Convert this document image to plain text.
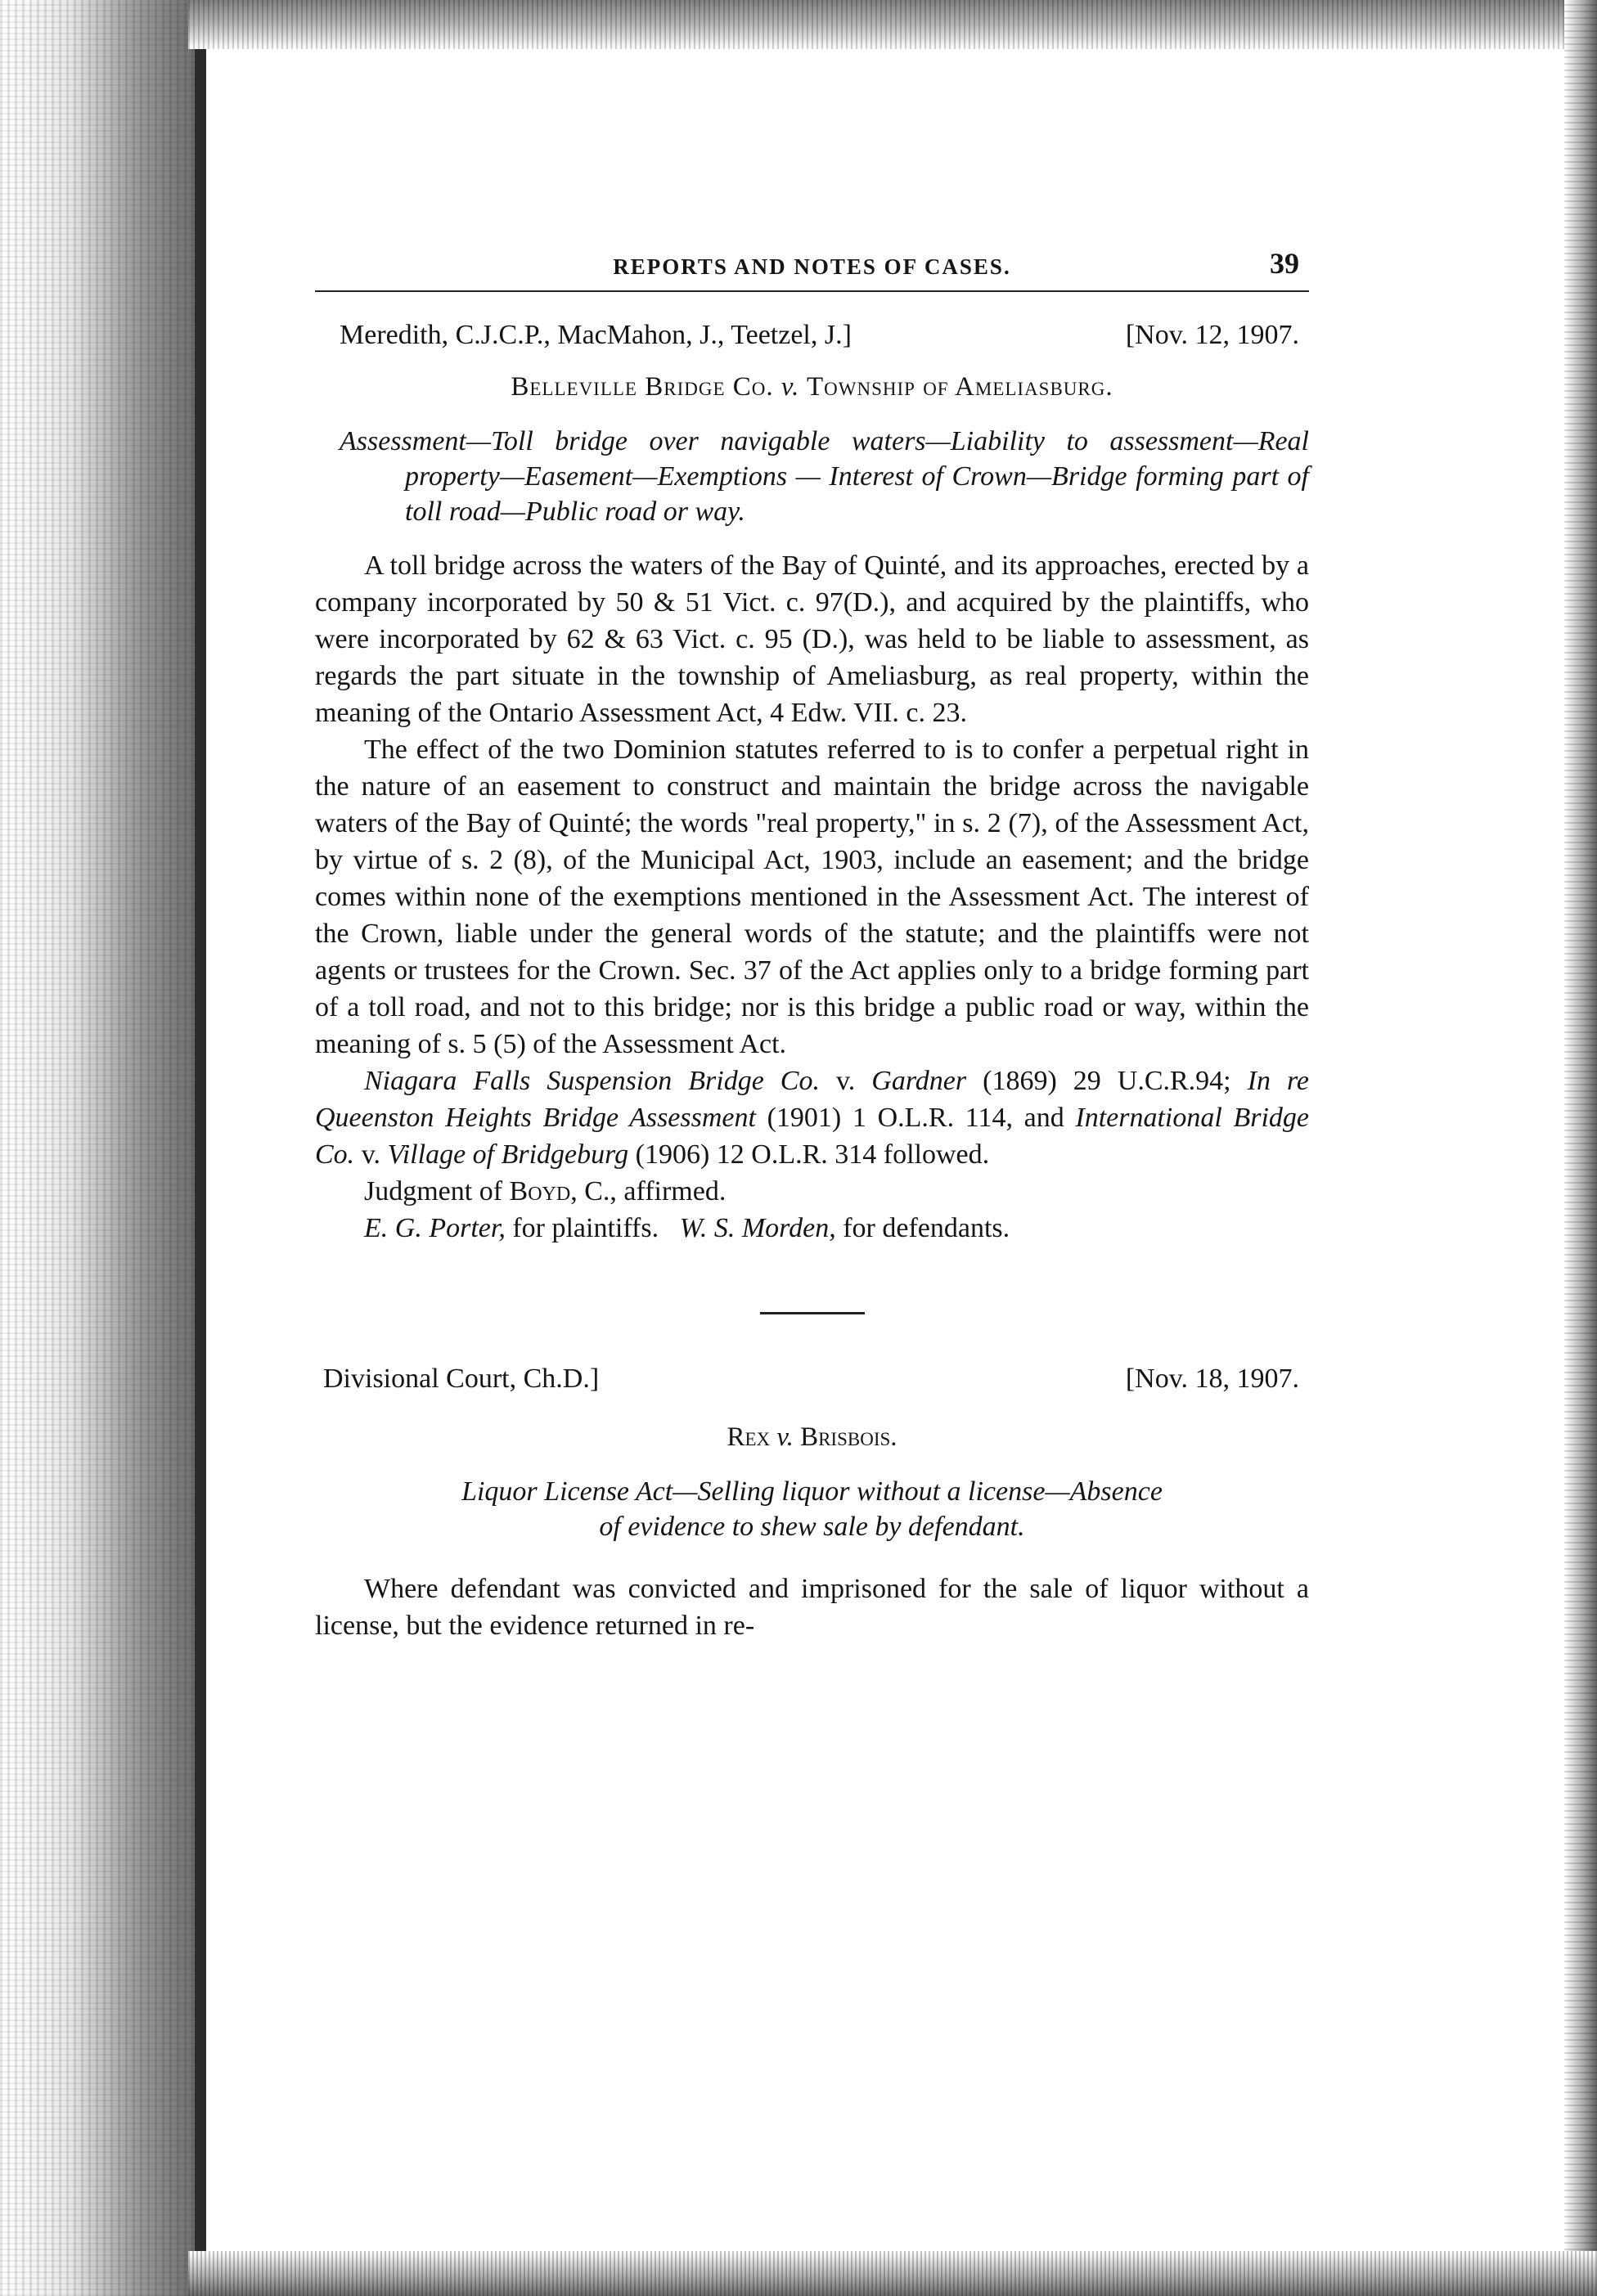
REPORTS AND NOTES OF CASES.	39
Meredith, C.J.C.P., MacMahon, J., Teetzel, J.]	[Nov. 12, 1907.
Belleville Bridge Co. v. Township of Ameliasburg.
Assessment—Toll bridge over navigable waters—Liability to assessment—Real property—Easement—Exemptions — Interest of Crown—Bridge forming part of toll road—Public road or way.

A toll bridge across the waters of the Bay of Quinté, and its approaches, erected by a company incorporated by 50 & 51 Vict. c. 97(D.), and acquired by the plaintiffs, who were incorporated by 62 & 63 Vict. c. 95 (D.), was held to be liable to assessment, as regards the part situate in the township of Ameliasburg, as real property, within the meaning of the Ontario Assessment Act, 4 Edw. VII. c. 23.

The effect of the two Dominion statutes referred to is to confer a perpetual right in the nature of an easement to construct and maintain the bridge across the navigable waters of the Bay of Quinté; the words "real property," in s. 2 (7), of the Assessment Act, by virtue of s. 2 (8), of the Municipal Act, 1903, include an easement; and the bridge comes within none of the exemptions mentioned in the Assessment Act. The interest of the Crown, liable under the general words of the statute; and the plaintiffs were not agents or trustees for the Crown. Sec. 37 of the Act applies only to a bridge forming part of a toll road, and not to this bridge; nor is this bridge a public road or way, within the meaning of s. 5 (5) of the Assessment Act.

Niagara Falls Suspension Bridge Co. v. Gardner (1869) 29 U.C.R.94; In re Queenston Heights Bridge Assessment (1901) 1 O.L.R. 114, and International Bridge Co. v. Village of Bridgeburg (1906) 12 O.L.R. 314 followed.

Judgment of Boyd, C., affirmed.

E. G. Porter, for plaintiffs. W. S. Morden, for defendants.

Divisional Court, Ch.D.]	[Nov. 18, 1907.
Rex v. Brisbois.
Liquor License Act—Selling liquor without a license—Absence
of evidence to shew sale by defendant.

Where defendant was convicted and imprisoned for the sale of liquor without a license, but the evidence returned in re-
